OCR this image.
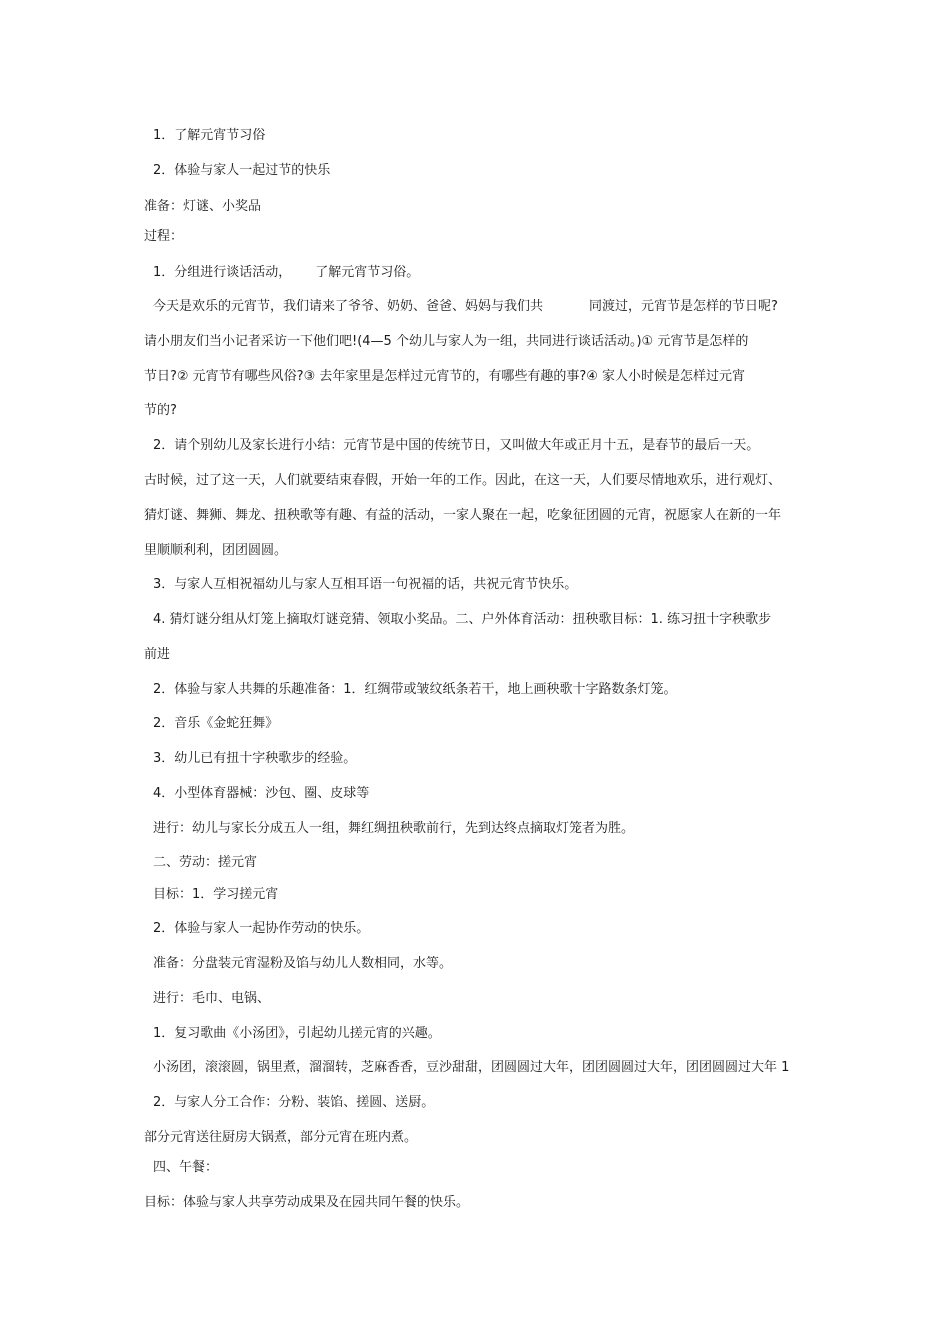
1．了解元宵节习俗
2．体验与家人一起过节的快乐
准备：灯谜、小奖品
过程：
1．分组进行谈话活动， 了解元宵节习俗。
今天是欢乐的元宵节，我们请来了爷爷、奶奶、爸爸、妈妈与我们共	同渡过，元宵节是怎样的节日呢?
请小朋友们当小记者采访一下他们吧!(4—5 个幼儿与家人为一组，共同进行谈话活动。)① 元宵节是怎样的
节日?② 元宵节有哪些风俗?③ 去年家里是怎样过元宵节的，有哪些有趣的事?④ 家人小时候是怎样过元宵
节的?
2．请个别幼儿及家长进行小结：元宵节是中国的传统节日，又叫做大年或正月十五，是春节的最后一天。
古时候，过了这一天，人们就要结束春假，开始一年的工作。因此，在这一天，人们要尽情地欢乐，进行观灯、
猜灯谜、舞狮、舞龙、扭秧歌等有趣、有益的活动，一家人聚在一起，吃象征团圆的元宵，祝愿家人在新的一年
里顺顺利利，团团圆圆。
3．与家人互相祝福幼儿与家人互相耳语一句祝福的话，共祝元宵节快乐。
4. 猜灯谜分组从灯笼上摘取灯谜竞猜、领取小奖品。二、户外体育活动：扭秧歌目标：1. 练习扭十字秧歌步
前进
2．体验与家人共舞的乐趣准备：1．红绸带或皱纹纸条若干，地上画秧歌十字路数条灯笼。
2．音乐《金蛇狂舞》
3．幼儿已有扭十字秧歌步的经验。
4．小型体育器械：沙包、圈、皮球等
进行：幼儿与家长分成五人一组，舞红绸扭秧歌前行，先到达终点摘取灯笼者为胜。
二、劳动：搓元宵
目标：1．学习搓元宵
2．体验与家人一起协作劳动的快乐。
准备：分盘装元宵湿粉及馅与幼儿人数相同，水等。
进行：毛巾、电锅、
1．复习歌曲《小汤团》，引起幼儿搓元宵的兴趣。
小汤团，滚滚圆，锅里煮，溜溜转，芝麻香香，豆沙甜甜，团圆圆过大年，团团圆圆过大年，团团圆圆过大年 1
2．与家人分工合作：分粉、装馅、搓圆、送厨。
部分元宵送往厨房大锅煮，部分元宵在班内煮。
四、午餐：
目标：体验与家人共享劳动成果及在园共同午餐的快乐。
